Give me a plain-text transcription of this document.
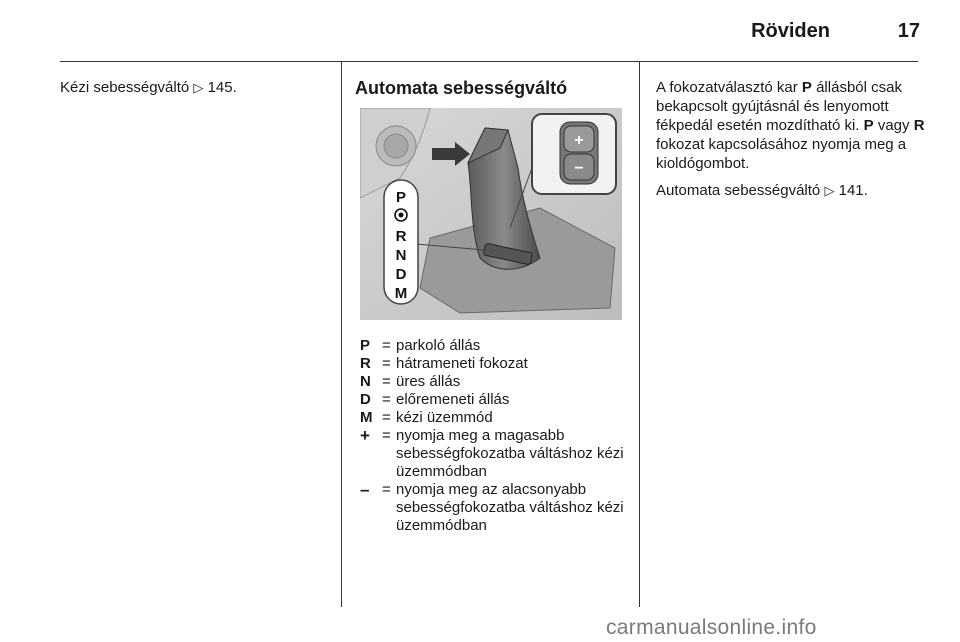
Röviden	17
Kézi sebességváltó ▷ 145.	Automata sebességváltó
+
−
P
R
N
D
M
P = parkoló állás
R = hátrameneti fokozat
N = üres állás
D = előremeneti állás
M = kézi üzemmód
+ = nyomja meg a magasabb sebességfokozatba váltáshoz kézi üzemmódban
– = nyomja meg az alacsonyabb sebességfokozatba váltáshoz kézi üzemmódban
A fokozatválasztó kar P állásból csak bekapcsolt gyújtásnál és lenyomott fékpedál esetén mozdítható ki. P vagy R fokozat kapcsolásához nyomja meg a kioldógombot.
Automata sebességváltó ▷ 141.
carmanualsonline.info
